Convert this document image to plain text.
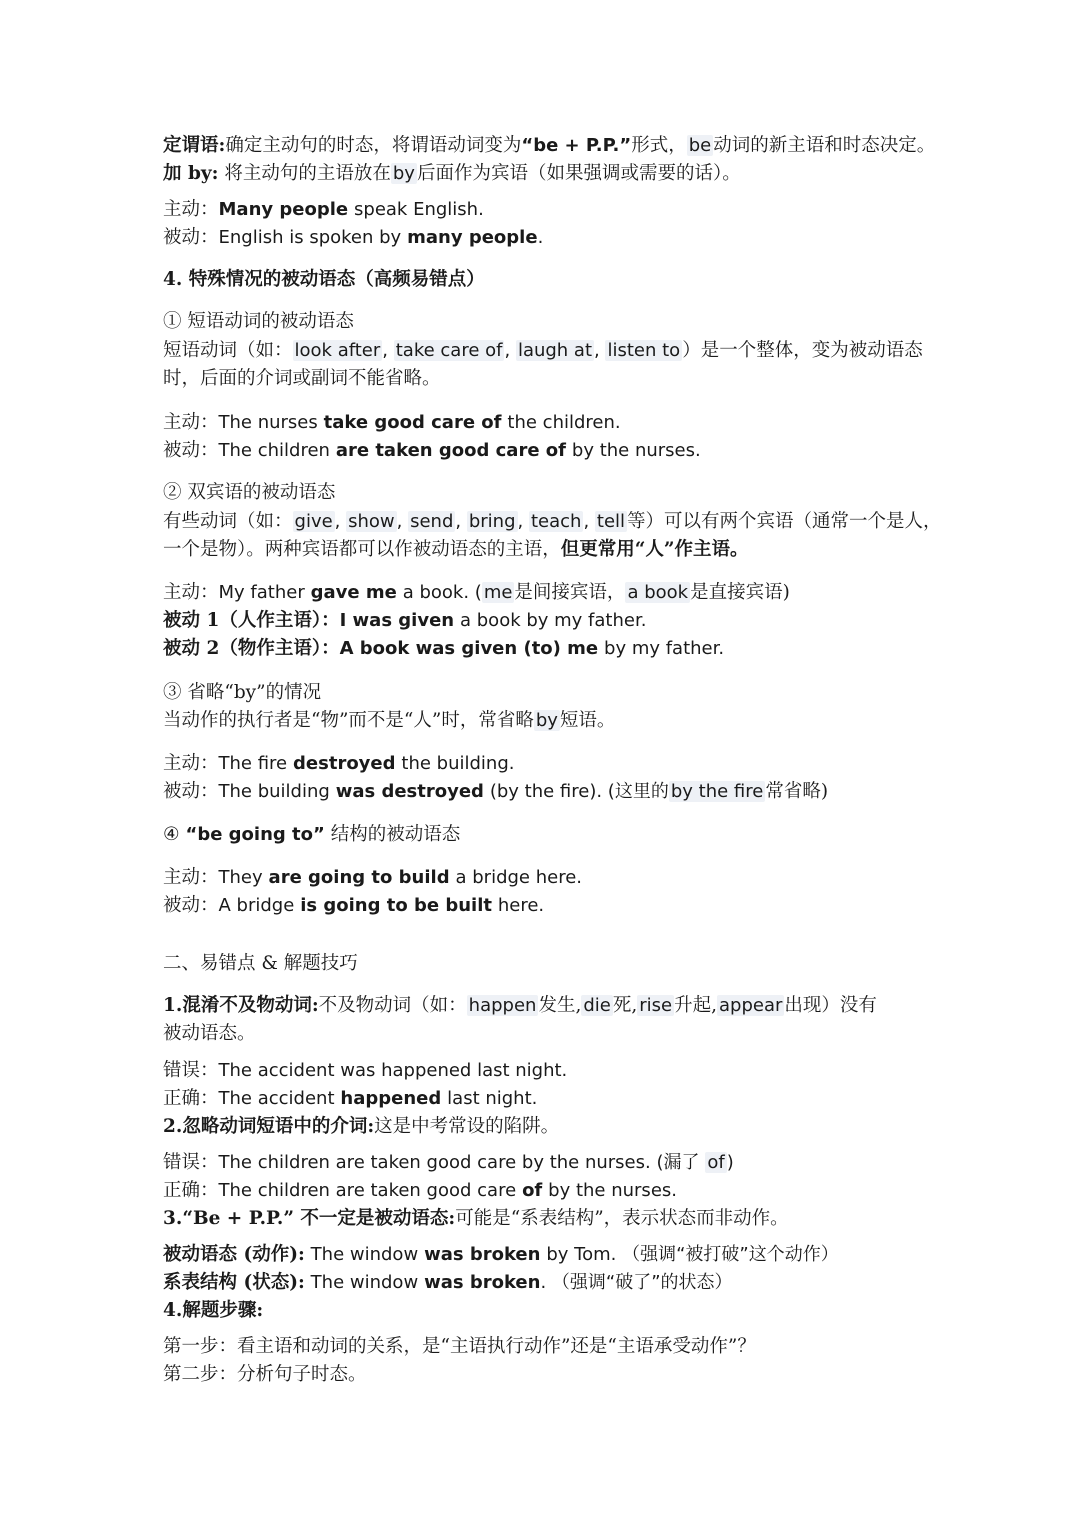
定谓语:确定主动句的时态，将谓语动词变为“be + P.P.”形式， be 动词的新主语和时态决定。
加 by: 将主动句的主语放在 by 后面作为宾语（如果强调或需要的话）。
主动：Many people speak English.
被动：English is spoken by many people.
4. 特殊情况的被动语态（高频易错点）
① 短语动词的被动语态
短语动词（如： look after , take care of , laugh at , listen to ）是一个整体，变为被动语态
时，后面的介词或副词不能省略。
主动：The nurses take good care of the children.
被动：The children are taken good care of by the nurses.
② 双宾语的被动语态
有些动词（如： give , show , send , bring , teach , tell 等）可以有两个宾语（通常一个是人，
一个是物）。两种宾语都可以作被动语态的主语，但更常用“人”作主语。
主动：My father gave me a book. ( me 是间接宾语， a book 是直接宾语)
被动 1（人作主语）：I was given a book by my father.
被动 2（物作主语）：A book was given (to) me by my father.
③ 省略“by”的情况
当动作的执行者是“物”而不是“人”时，常省略 by 短语。
主动：The fire destroyed the building.
被动：The building was destroyed (by the fire). (这里的 by the fire 常省略)
④ “be going to” 结构的被动语态
主动：They are going to build a bridge here.
被动：A bridge is going to be built here.
二、易错点 & 解题技巧
1.混淆不及物动词:不及物动词（如： happen 发生, die 死, rise 升起, appear 出现）没有
被动语态。
错误：The accident was happened last night.
正确：The accident happened last night.
2.忽略动词短语中的介词:这是中考常设的陷阱。
错误：The children are taken good care by the nurses. (漏了 of )
正确：The children are taken good care of by the nurses.
3.“Be + P.P.” 不一定是被动语态:可能是“系表结构”，表示状态而非动作。
被动语态 (动作): The window was broken by Tom. （强调“被打破”这个动作）
系表结构 (状态): The window was broken. （强调“破了”的状态）
4.解题步骤:
第一步：看主语和动词的关系，是“主语执行动作”还是“主语承受动作”？
第二步：分析句子时态。
